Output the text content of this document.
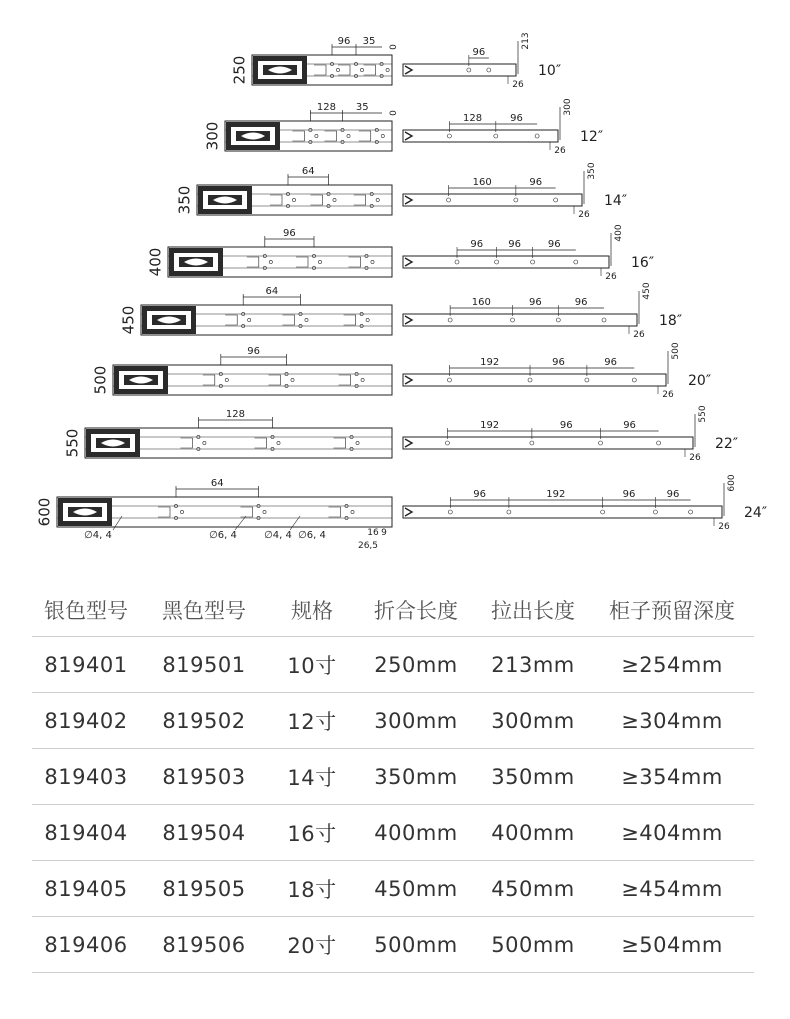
250
96 35 0	96
26
213
10″
300
128 35 0	128	96
26
300
12″
350
64
160	96
26
350
14″
400
96
96	96	96
26
400
16″
450
64
160	96	96
26
450
18″
500
96
192	96	96
26
500
20″
550
128
192	96	96
26
550
22″
600
64
96	192	96	96
26
600
24″
∅4, 4	∅6, 4	∅4, 4 ∅6, 4	16 9
26,5
银色型号	黑色型号	规格	折合长度	拉出长度	柜子预留深度
819401	819501	10寸	250mm	213mm	≥254mm
819402	819502	12寸	300mm	300mm	≥304mm
819403	819503	14寸	350mm	350mm	≥354mm
819404	819504	16寸	400mm	400mm	≥404mm
819405	819505	18寸	450mm	450mm	≥454mm
819406	819506	20寸	500mm	500mm	≥504mm
